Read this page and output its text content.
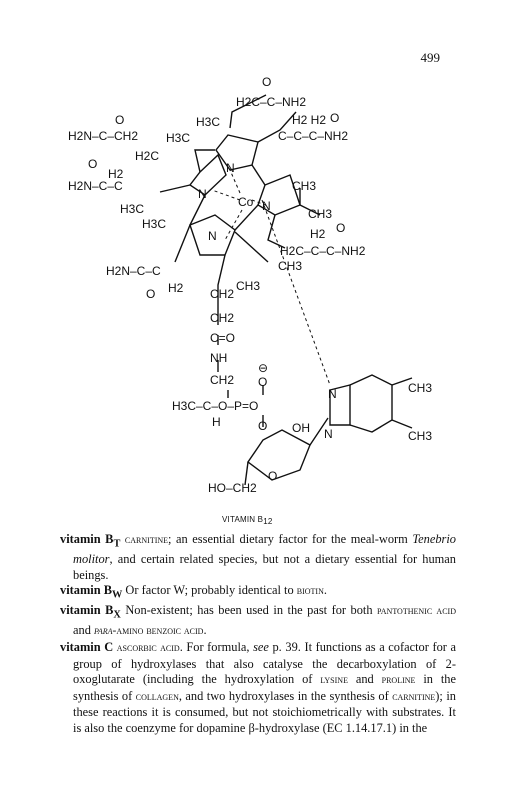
499
O
H2C–C–NH2
H3C	H2 H2 O
C–C–C–NH2
O
H2N–C–CH2 H3C
H2C
O
H2
H2N–C–C
H3C
H3C
N
N
Co N
N
CH3
CH3
H2 O
H2C–C–C–NH2
CH3
H2N–C–C
O H2	CH3
CH2
CH2
C=O
NH
CH2
⊖
O
H3C–C–O–P=O
H	O OH
N
N
CH3
CH3
O
HO–CH2
VITAMIN B12

vitamin $B_T$ carnitine; an essential dietary factor for the meal-worm Tenebrio molitor, and certain related species, but not a dietary essential for human beings.

vitamin $B_W$ Or factor W; probably identical to biotin.

vitamin $B_X$ Non-existent; has been used in the past for both pantothenic acid and para-amino benzoic acid.

vitamin C ascorbic acid. For formula, see p. 39. It functions as a cofactor for a group of hydroxylases that also catalyse the decarboxylation of 2-oxoglutarate (including the hydroxylation of lysine and proline in the synthesis of collagen, and two hydroxylases in the synthesis of carnitine); in these reactions it is consumed, but not stoichiometrically with substrates. It is also the coenzyme for dopamine β-hydroxylase (EC 1.14.17.1) in the
